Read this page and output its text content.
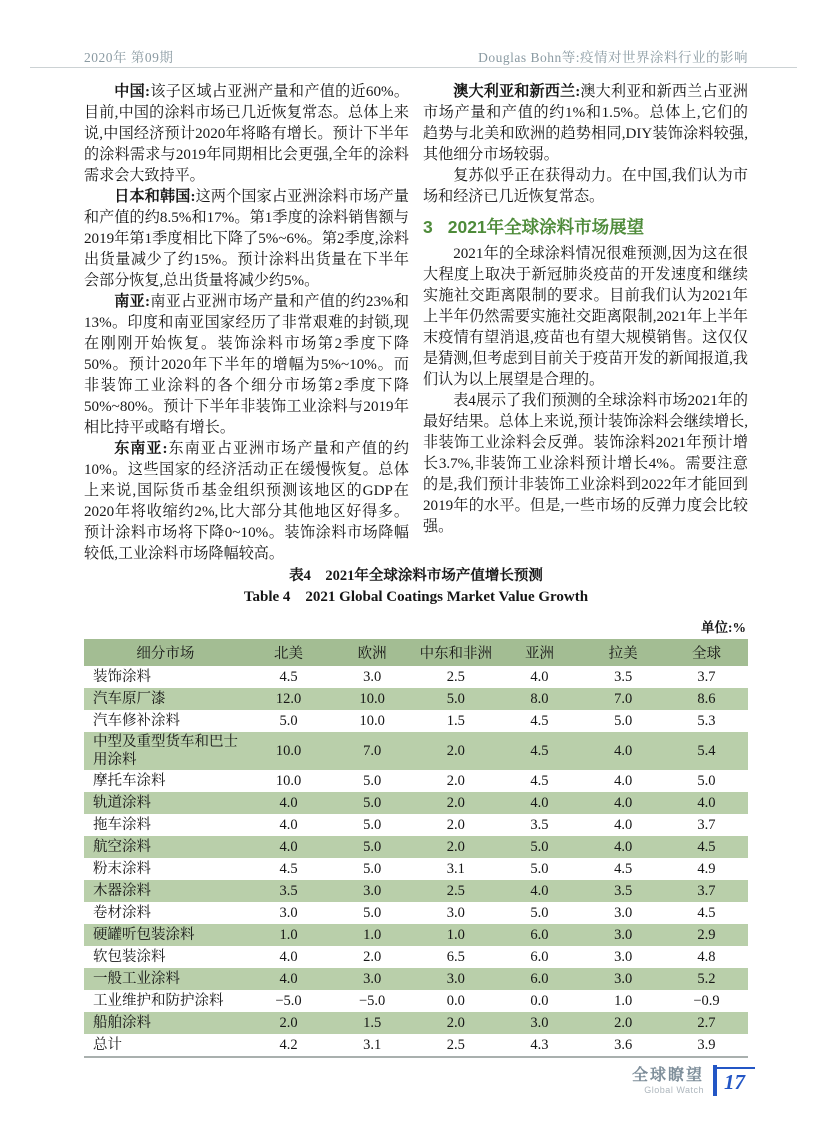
2020年 第09期	Douglas Bohn等:疫情对世界涂料行业的影响

中国:该子区域占亚洲产量和产值的近60%。目前,中国的涂料市场已几近恢复常态。总体上来说,中国经济预计2020年将略有增长。预计下半年的涂料需求与2019年同期相比会更强,全年的涂料需求会大致持平。

日本和韩国:这两个国家占亚洲涂料市场产量和产值的约8.5%和17%。第1季度的涂料销售额与2019年第1季度相比下降了5%~6%。第2季度,涂料出货量减少了约15%。预计涂料出货量在下半年会部分恢复,总出货量将减少约5%。

南亚:南亚占亚洲市场产量和产值的约23%和13%。印度和南亚国家经历了非常艰难的封锁,现在刚刚开始恢复。装饰涂料市场第2季度下降50%。预计2020年下半年的增幅为5%~10%。而非装饰工业涂料的各个细分市场第2季度下降50%~80%。预计下半年非装饰工业涂料与2019年相比持平或略有增长。

东南亚:东南亚占亚洲市场产量和产值的约10%。这些国家的经济活动正在缓慢恢复。总体上来说,国际货币基金组织预测该地区的GDP在2020年将收缩约2%,比大部分其他地区好得多。预计涂料市场将下降0~10%。装饰涂料市场降幅较低,工业涂料市场降幅较高。

澳大利亚和新西兰:澳大利亚和新西兰占亚洲市场产量和产值的约1%和1.5%。总体上,它们的趋势与北美和欧洲的趋势相同,DIY装饰涂料较强,其他细分市场较弱。

复苏似乎正在获得动力。在中国,我们认为市场和经济已几近恢复常态。

3 2021年全球涂料市场展望

2021年的全球涂料情况很难预测,因为这在很大程度上取决于新冠肺炎疫苗的开发速度和继续实施社交距离限制的要求。目前我们认为2021年上半年仍然需要实施社交距离限制,2021年上半年末疫情有望消退,疫苗也有望大规模销售。这仅仅是猜测,但考虑到目前关于疫苗开发的新闻报道,我们认为以上展望是合理的。

表4展示了我们预测的全球涂料市场2021年的最好结果。总体上来说,预计装饰涂料会继续增长,非装饰工业涂料会反弹。装饰涂料2021年预计增长3.7%,非装饰工业涂料预计增长4%。需要注意的是,我们预计非装饰工业涂料到2022年才能回到2019年的水平。但是,一些市场的反弹力度会比较强。

表4　2021年全球涂料市场产值增长预测

Table 4　2021 Global Coatings Market Value Growth

单位:%
细分市场	北美	欧洲	中东和非洲	亚洲	拉美	全球
装饰涂料	4.5	3.0	2.5	4.0	3.5	3.7
汽车原厂漆	12.0	10.0	5.0	8.0	7.0	8.6
汽车修补涂料	5.0	10.0	1.5	4.5	5.0	5.3
中型及重型货车和巴士用涂料	10.0	7.0	2.0	4.5	4.0	5.4
摩托车涂料	10.0	5.0	2.0	4.5	4.0	5.0
轨道涂料	4.0	5.0	2.0	4.0	4.0	4.0
拖车涂料	4.0	5.0	2.0	3.5	4.0	3.7
航空涂料	4.0	5.0	2.0	5.0	4.0	4.5
粉末涂料	4.5	5.0	3.1	5.0	4.5	4.9
木器涂料	3.5	3.0	2.5	4.0	3.5	3.7
卷材涂料	3.0	5.0	3.0	5.0	3.0	4.5
硬罐听包装涂料	1.0	1.0	1.0	6.0	3.0	2.9
软包装涂料	4.0	2.0	6.5	6.0	3.0	4.8
一般工业涂料	4.0	3.0	3.0	6.0	3.0	5.2
工业维护和防护涂料	−5.0	−5.0	0.0	0.0	1.0	−0.9
船舶涂料	2.0	1.5	2.0	3.0	2.0	2.7
总计	4.2	3.1	2.5	4.3	3.6	3.9
全球瞭望
Global Watch 17
